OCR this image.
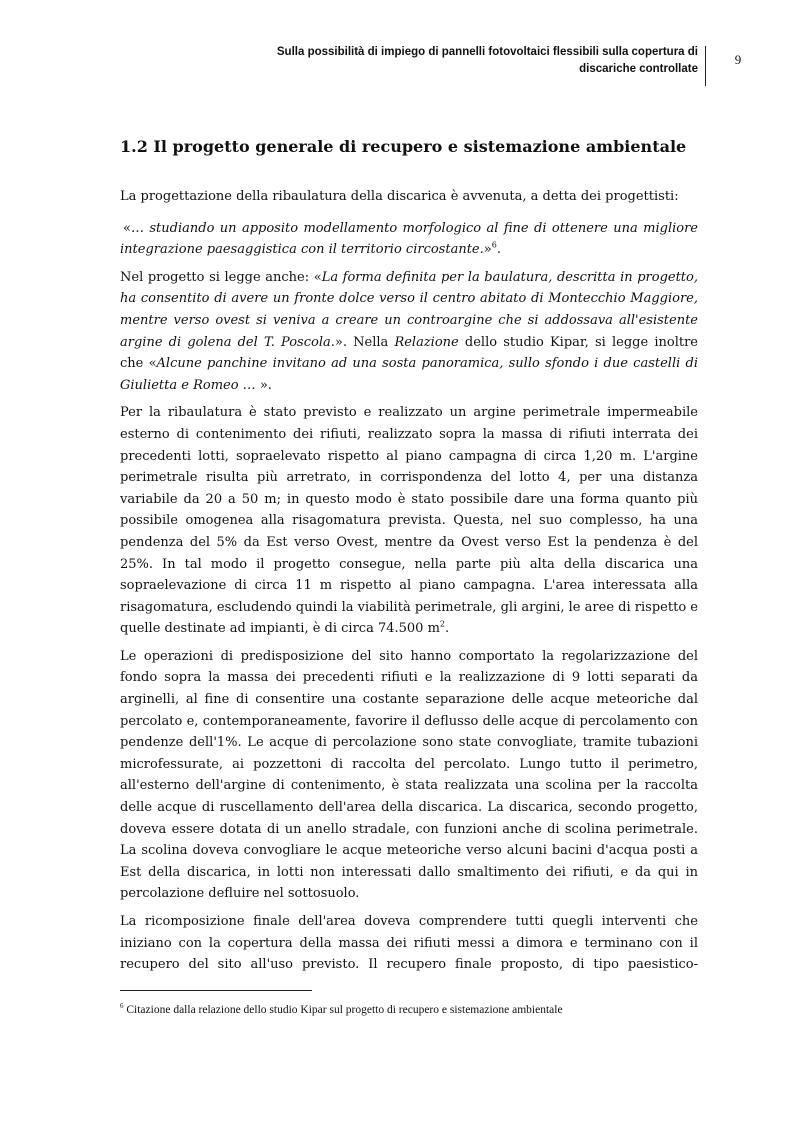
Sulla possibilità di impiego di pannelli fotovoltaici flessibili sulla copertura di
discariche controllate
9
1.2 Il progetto generale di recupero e sistemazione ambientale

La progettazione della ribaulatura della discarica è avvenuta, a detta dei progettisti:

«… studiando un apposito modellamento morfologico al fine di ottenere una migliore integrazione paesaggistica con il territorio circostante.»$^6$.

Nel progetto si legge anche: «La forma definita per la baulatura, descritta in progetto, ha consentito di avere un fronte dolce verso il centro abitato di Montecchio Maggiore, mentre verso ovest si veniva a creare un controargine che si addossava all'esistente argine di golena del T. Poscola.». Nella Relazione dello studio Kipar, si legge inoltre che «Alcune panchine invitano ad una sosta panoramica, sullo sfondo i due castelli di Giulietta e Romeo … ».

Per la ribaulatura è stato previsto e realizzato un argine perimetrale impermeabile esterno di contenimento dei rifiuti, realizzato sopra la massa di rifiuti interrata dei precedenti lotti, sopraelevato rispetto al piano campagna di circa 1,20 m. L'argine perimetrale risulta più arretrato, in corrispondenza del lotto 4, per una distanza variabile da 20 a 50 m; in questo modo è stato possibile dare una forma quanto più possibile omogenea alla risagomatura prevista. Questa, nel suo complesso, ha una pendenza del 5% da Est verso Ovest, mentre da Ovest verso Est la pendenza è del 25%. In tal modo il progetto consegue, nella parte più alta della discarica una sopraelevazione di circa 11 m rispetto al piano campagna. L'area interessata alla risagomatura, escludendo quindi la viabilità perimetrale, gli argini, le aree di rispetto e quelle destinate ad impianti, è di circa 74.500 $m^2$.

Le operazioni di predisposizione del sito hanno comportato la regolarizzazione del fondo sopra la massa dei precedenti rifiuti e la realizzazione di 9 lotti separati da arginelli, al fine di consentire una costante separazione delle acque meteoriche dal percolato e, contemporaneamente, favorire il deflusso delle acque di percolamento con pendenze dell'1%. Le acque di percolazione sono state convogliate, tramite tubazioni microfessurate, ai pozzettoni di raccolta del percolato. Lungo tutto il perimetro, all'esterno dell'argine di contenimento, è stata realizzata una scolina per la raccolta delle acque di ruscellamento dell'area della discarica. La discarica, secondo progetto, doveva essere dotata di un anello stradale, con funzioni anche di scolina perimetrale. La scolina doveva convogliare le acque meteoriche verso alcuni bacini d'acqua posti a Est della discarica, in lotti non interessati dallo smaltimento dei rifiuti, e da qui in percolazione defluire nel sottosuolo.

La ricomposizione finale dell'area doveva comprendere tutti quegli interventi che iniziano con la copertura della massa dei rifiuti messi a dimora e terminano con il recupero del sito all'uso previsto. Il recupero finale proposto, di tipo paesistico-

$^6$ Citazione dalla relazione dello studio Kipar sul progetto di recupero e sistemazione ambientale
